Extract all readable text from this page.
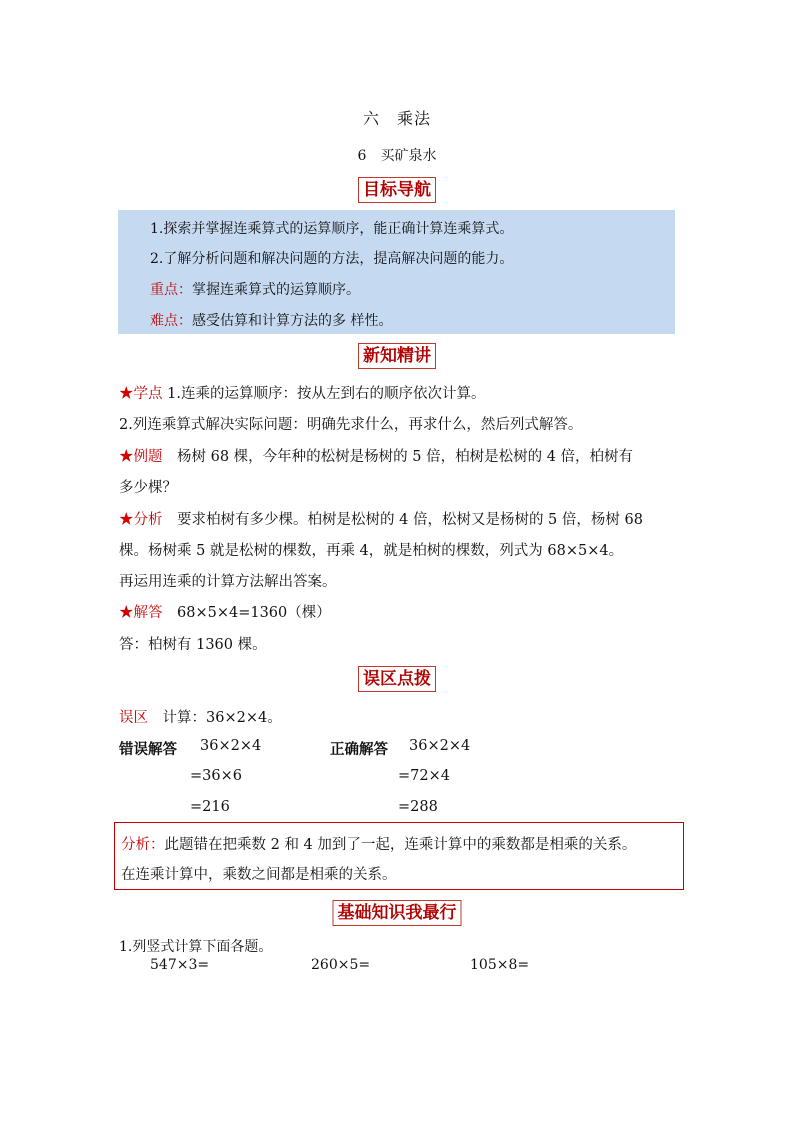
六　乘法
6　买矿泉水
目标导航
1.探索并掌握连乘算式的运算顺序，能正确计算连乘算式。
2.了解分析问题和解决问题的方法，提高解决问题的能力。
重点：掌握连乘算式的运算顺序。
难点：感受估算和计算方法的多 样性。
新知精讲
★学点 1.连乘的运算顺序：按从左到右的顺序依次计算。
2.列连乘算式解决实际问题：明确先求什么，再求什么，然后列式解答。
★例题　杨树 68 棵，今年种的松树是杨树的 5 倍，柏树是松树的 4 倍，柏树有
多少棵？
★分析　要求柏树有多少棵。柏树是松树的 4 倍，松树又是杨树的 5 倍，杨树 68
棵。杨树乘 5 就是松树的棵数，再乘 4，就是柏树的棵数，列式为 68×5×4。
再运用连乘的计算方法解出答案。
★解答　68×5×4=1360（棵）
答：柏树有 1360 棵。
误区点拨
误区　计算：36×2×4。
错误解答 36×2×4
=36×6
=216
正确解答 36×2×4
=72×4
=288
分析：此题错在把乘数 2 和 4 加到了一起，连乘计算中的乘数都是相乘的关系。
在连乘计算中，乘数之间都是相乘的关系。
基础知识我最行
1.列竖式计算下面各题。
547×3=	260×5=	105×8=
